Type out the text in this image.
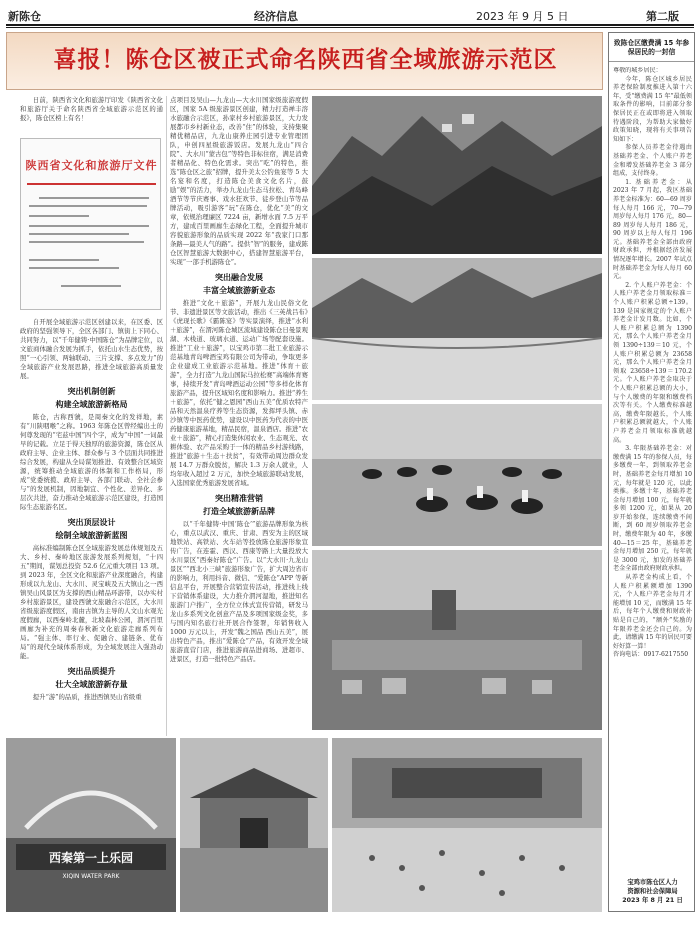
新陈仓	经济信息	2023 年 9 月 5 日	第二版
喜报！陈仓区被正式命名陕西省全域旅游示范区

日前，陕西省文化和旅游厅印发《陕西省文化和旅游厅关于命名陕西省全域旅游示范区的通报》，陈仓区榜上有名！

陕西省文化和旅游厅文件

自开展全域旅游示范区创建以来，在区委、区政府的坚强领导下，全区各部门、镇街上下同心、共同努力，以“千年健铸·中国陈仓”为品牌定位，以文旅商体融合发展为抓手，依托山水生态优势，按照“一心引领、两轴联动、三片支撑、多点发力”的全域旅游产业发展思路，推进全域旅游高质量发展。

突出机制创新
构建全域旅游新格局

陈仓，古称西虢，是周秦文化的发祥地，素有“川陕咽喉”之称。1963 年陈仓区曾经编出土的何尊发现的“宅兹中国”四个字，成为“中国”一词最早的记载。立足于得天独厚的旅游资源，陈仓区从政府主导、企业主体、群众参与 3 个层面共同推进综合发展，构建从全局谋划推进、有效整合区域资源，统筹推动全域旅游的体制和工作格局，形成“党委统揽、政府主导、各部门联动、全社会参与”的发展机制，因地制宜、个性化、差异化、多层次共进，奋力推动全域旅游示范区建设，打造国际生态旅游名区。

突出顶层设计
绘制全域旅游新蓝图

高标准编制陈仓区全域旅游发展总体规划及五大、乡村、秦岭地区旅游发展系列规划，“十四五”期间，谋划总投资 52.6 亿元重大项目 13 项。到 2023 年，全区文化和旅游产业深度融合，构建形成以九龙山、大水川、灵宝峡及五大镇山之一西镇吴山风景区为支撑的西山精品环游带，以办实村乡村旅游景区，建设西虢文旅融合示范区，大水川省级旅游度假区，南由古镇为主导的人文山水观光度假廊，以西秦岭北麓，北坡森林公园，渭河百里画廊为补充的周秦春秋新文化旅游走廊系列布局。“强主体、率行业、促融合、建链条、优布局”的现代全域体系形成，为全域发展注入强劲动能。

突出品质提升
壮大全域旅游新存量

提升“游”的品质，推进西镇吴山省级重

点项目及吴山—九龙山—大水川国家级旅游度假区，国家 5A 级旅游景区创建，精力打造禅丰溶水旅融合示范区，孙家村乡村旅游景区，大力发展都市乡村新业态，改善“住”的体验，支持集聚精优精品店，九龙山康养庄园引进专业管理团队，申创四星级旅游饭店。发展九龙山“四合院”、大水川“蒙古包”等特色非标住宿，满足消费者精品化、特色化需求。突出“吃”的特色，推选“陈仓区之旅”招牌，提升美太公钓鱼宴等 5 大名宴和名度，打造陈仓美食文化名片，鼓励“娱”的活力，举办九龙山生态马拉松、青岛峰酒节等节庆赛事、戏水狂欢节、徒步登山节等品牌活动，吸引游客“玩”在陈仓，优化“美”的文章，依规治理廉区 7224 亩，新增水面 7.5 万平方，建成百里画廊生态绿化工程，全面提升城市容貌旅游形象的品质实现 2022 年“我家门口那条路—最美人气的路”。提供“智”的服务，建成陈仓区智慧旅游大数据中心，搭建智慧旅游平台，实现“一部手机游陈仓”。

突出融合发展
丰富全域旅游新业态

推进“文化＋旅游”，开展九龙山民俗文化节、非遗进景区等文旅活动，推出《三英战吕布》《虎现长歌》《霸陈宴》等实景演绎，推进“水利＋旅游”，在渭河陈仓城区流域建设陈仓日曼景观湖、木栈道、玻璃水道、运动广场等配套设施。推进“工业＋旅游”，以宝鸡市第二批工业旅游示范基地青岛啤酒宝鸡有限公司为带动，争取更多企业建成工业旅游示范基地。推进“体育＋旅游”，全力打造“九龙山国际马拉松赛”高端体育赛事，持续开发“青岛啤酒运动公园”等多样化体育旅游产品，提升区域知名度和影响力。推进“养生＋旅游”，依托“健之恩园”西山五美”优质农特产品和天然温泉疗养等生态资源，发挥坪头镇、赤沙镇等中医药优势，建设以中医药为代表的中医药健康旅游基地，精品民宿，温泉酒店。推进“农业＋旅游”，精心打造集休闲农业、生态观光、农耕体验、农产品采购于一体的精品乡村游线路，推进“旅游＋生态＋扶贫”，有效带动周边群众发展 14.7 万群众脱贫，解决 1.3 万余人就业，人均年收入超过 2 万元，加快全域旅游联动发展，入选国家优秀旅游发展省域。

突出精准营销
打造全域旅游新品牌

以“千年健铸·中国‘陈仓’”旅游品牌形象为核心，重点以武汉、重庆、甘肃、西安为主的区域地铁站、高铁站、火车站等投放陈仓旅游形象宣传广告，在连霍、西汉、西康等路上大量投放大水川景区“西秦好陈仓”广告。以“大水川·九龙山景区”“西北小三峡”旅游形象广告，扩大周边省市的影响力，利用抖音、微信、“爱陈仓”APP 等新信息平台，开展整合营销宣传活动，推进线上线下营销体系建设，大力推介渭河湿地，推进知名旅游门户推广，全方位立体式宣传营销，研发马龙山多系列文化创意产品及多项国家级金奖，多与国内知名旅行社开展合作签署，年销售收入 1000 万元以上，开发“魏之国品 西山五美”，展出特色产品，推出“爱陈仓”产品，有效开发全域旅游直营门店，推进旅游商品进商场、进超市、进景区，打造一批特色产品店。

西秦第一上乐园
XIQIN WATER PARK
致陈仓区缴费满 15 年参保居民的一封信

尊敬的城乡居民：

今年，陈仓区城乡居民养老保险制度推进入第十六年，受“缴费满 15 年”最低领取条件的影响，目前部分参保居民正在或即将进入领取待遇阶段，为帮助大家做好政策知晓，现将有关事项告知如下：

参保人员养老金待遇由基础养老金、个人账户养老金和增发基础养老金 3 部分组成，支付终身。

1. 基础养老金：从 2023 年 7 月起，我区基础养老金标准为：60—69 周岁每人每月 166 元，70—79 周岁每人每月 176 元，80—89 周岁每人每月 186 元，90 周岁以上每人每月 196 元。基础养老金全部由政府财政承担，并根据经济发展情况逐年增长。2007 年试点时基础养老金为每人每月 60 元。

2. 个人账户养老金：个人账户养老金月领取标准＝个人账户积累总额÷139。139 是国家规定的个人账户养老金计发月数。比如，个人账户积累总额为 1390 元，那么个人账户养老金月领 1390÷139＝10 元，个人账户积累总额为 23658 元，那么个人账户养老金月领取 23658÷139＝170.2 元。个人账户养老金取决于个人账户积累总额的大小，与个人缴费的年限和缴费档次等有关。个人缴费标准越高，缴费年限越长，个人账户积累总额就越大，个人账户养老金月领取标准就越高。

3. 年限基础养老金：对缴费满 15 年的参保人员，每多缴费一年，到领取养老金时，基础养老金每月增加 10 元，每年就是 120 元，以此类推。多缴十年，基础养老金每月增加 100 元，每年就多领 1200 元，如果从 20 岁开始参保，连续缴费不间断，到 60 周岁领取养老金时，缴费年限为 40 年，多缴 40—15＝25 年，基础养老金每月增加 250 元，每年就是 3000 元，加发的基础养老金全部由政府财政承担。

从养老金构成上看，个人账户积累额增加 1390 元，个人账户养老金每月才能增加 10 元，而缴满 15 年后，每年个人缴费和财政补贴是自己的，“额外”奖励的年限养老金还会自己的。为此，请缴满 15 年的居民可要好好算一算！

咨询电话：0917-6217550

宝鸡市陈仓区人力
资源和社会保障局
2023 年 8 月 21 日
